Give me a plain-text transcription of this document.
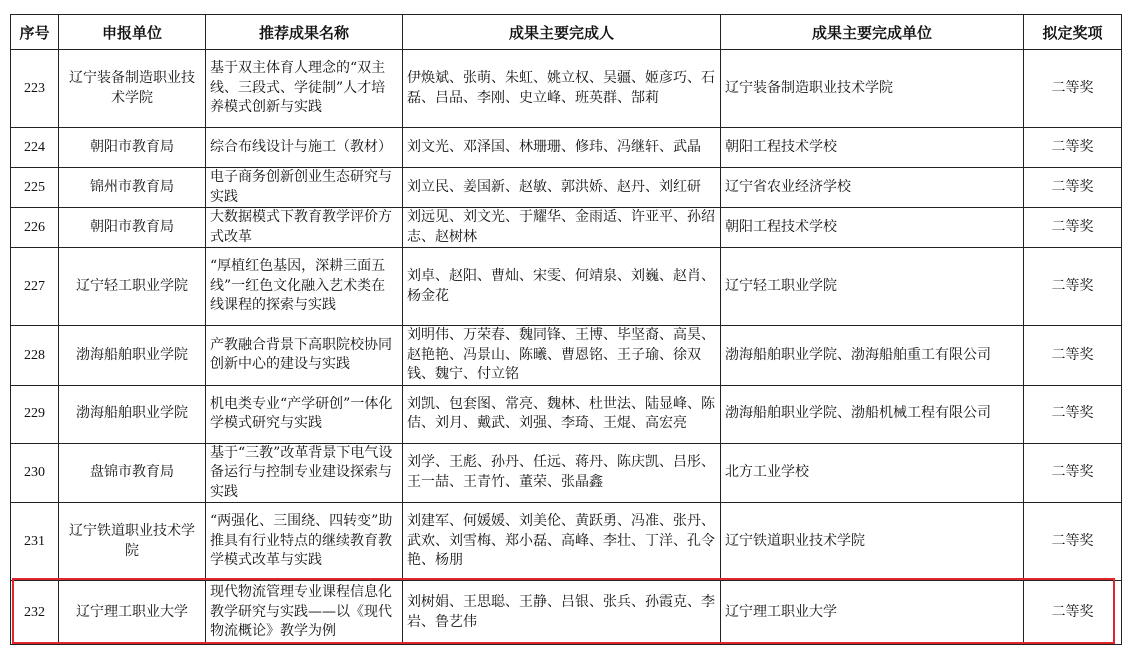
序号	申报单位	推荐成果名称	成果主要完成人	成果主要完成单位	拟定奖项
223	辽宁装备制造职业技术学院	基于双主体育人理念的“双主线、三段式、学徒制”人才培养模式创新与实践	伊焕斌、张萌、朱虹、姚立权、吴疆、姬彦巧、石磊、吕品、李刚、史立峰、班英群、郜莉	辽宁装备制造职业技术学院	二等奖
224	朝阳市教育局	综合布线设计与施工（教材）	刘文光、邓泽国、林珊珊、修玮、冯继轩、武晶	朝阳工程技术学校	二等奖
225	锦州市教育局	电子商务创新创业生态研究与实践	刘立民、姜国新、赵敏、郭洪娇、赵丹、刘红研	辽宁省农业经济学校	二等奖
226	朝阳市教育局	大数据模式下教育教学评价方式改革	刘远见、刘文光、于耀华、金雨适、许亚平、孙绍志、赵树林	朝阳工程技术学校	二等奖
227	辽宁轻工职业学院	“厚植红色基因，深耕三面五线”一红色文化融入艺术类在线课程的探索与实践	刘卓、赵阳、曹灿、宋雯、何靖泉、刘巍、赵肖、杨金花	辽宁轻工职业学院	二等奖
228	渤海船舶职业学院	产教融合背景下高职院校协同创新中心的建设与实践	刘明伟、万荣春、魏同锋、王博、毕坚裔、高昊、赵艳艳、冯景山、陈曦、曹恩铭、王子瑜、徐双钱、魏宁、付立铭	渤海船舶职业学院、渤海船舶重工有限公司	二等奖
229	渤海船舶职业学院	机电类专业“产学研创”一体化学模式研究与实践	刘凯、包套图、常亮、魏林、杜世法、陆显峰、陈佶、刘月、戴武、刘强、李琦、王焜、高宏亮	渤海船舶职业学院、渤船机械工程有限公司	二等奖
230	盘锦市教育局	基于“三教”改革背景下电气设备运行与控制专业建设探索与实践	刘学、王彪、孙丹、任远、蒋丹、陈庆凯、吕彤、王一喆、王青竹、董荣、张晶鑫	北方工业学校	二等奖
231	辽宁铁道职业技术学院	“两强化、三围绕、四转变”助推具有行业特点的继续教育教学模式改革与实践	刘建军、何媛媛、刘美伦、黄跃勇、冯准、张丹、武欢、刘雪梅、郑小磊、高峰、李壮、丁洋、孔令艳、杨朋	辽宁铁道职业技术学院	二等奖
232	辽宁理工职业大学	现代物流管理专业课程信息化教学研究与实践——以《现代物流概论》教学为例	刘树娟、王思聪、王静、吕银、张兵、孙霞克、李岩、鲁艺伟	辽宁理工职业大学	二等奖
